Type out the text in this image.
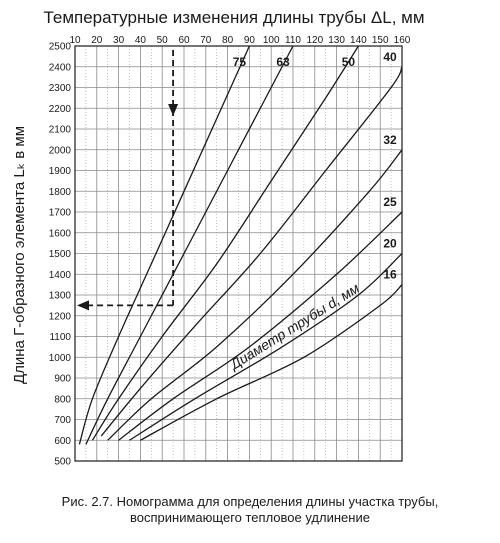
Температурные изменения длины трубы ΔL, мм
Длина Г-образного элемента Lₖ в мм
10 20 30 40 50 60 70 80 90 100 110 120 130 140 150 160
500
600
700
800
900
1000
1100
1200
1300
1400
1500
1600
1700
1800
1900
2000
2100
2200
2300
2400
2500
75	63	50 40
32
25
20
16
Диаметр трубы d, мм
Рис. 2.7. Номограмма для определения длины участка трубы,
воспринимающего тепловое удлинение
